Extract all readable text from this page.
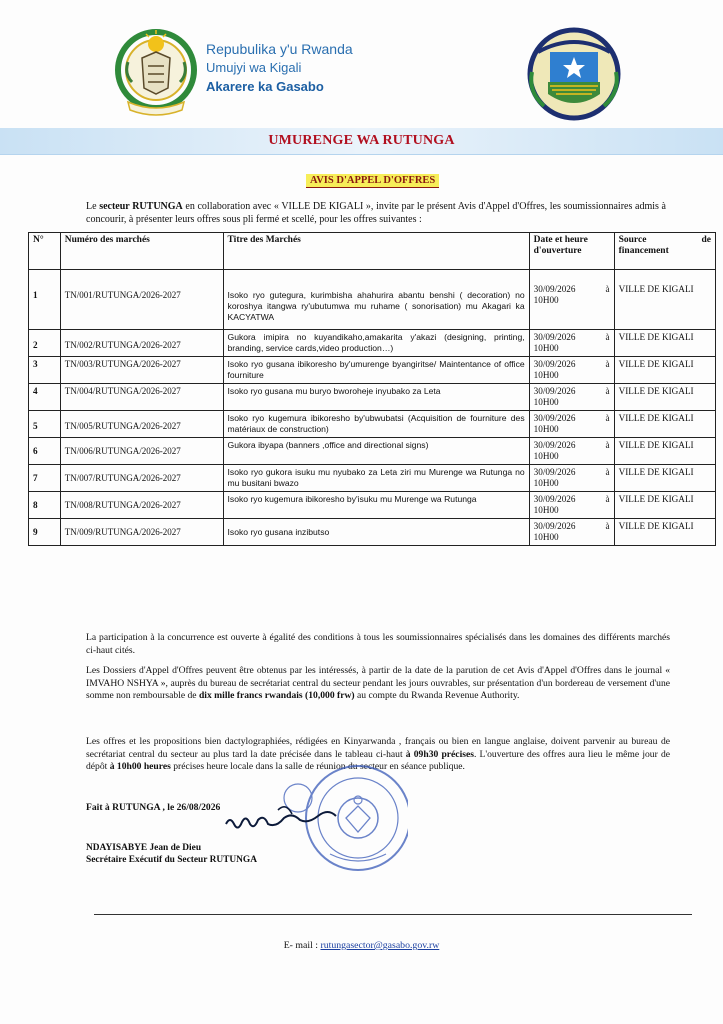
Repubulika y'u Rwanda
Umujyi wa Kigali
Akarere ka Gasabo
UMURENGE WA RUTUNGA
AVIS D'APPEL D'OFFRES
Le secteur RUTUNGA en collaboration avec « VILLE DE KIGALI », invite par le présent Avis d'Appel d'Offres, les soumissionnaires admis à concourir, à présenter leurs offres sous pli fermé et scellé, pour les offres suivantes :
N°	Numéro des marchés	Titre des Marchés	Date et heure d'ouverture	Source de
financement

1	TN/001/RUTUNGA/2026-2027	Isoko ryo gutegura, kurimbisha ahahurira abantu benshi ( decoration) no koroshya itangwa ry'ubutumwa mu ruhame ( sonorisation) mu Akagari ka KACYATWA	30/09/2026 à
10H00	VILLE DE KIGALI
2	TN/002/RUTUNGA/2026-2027	Gukora imipira no kuyandikaho,amakarita y'akazi (designing, printing, branding, service cards,video production…)	30/09/2026 à
10H00	VILLE DE KIGALI
3	TN/003/RUTUNGA/2026-2027	Isoko ryo gusana ibikoresho by'umurenge byangiritse/ Maintentance of office fourniture	30/09/2026 à
10H00	VILLE DE KIGALI
4	TN/004/RUTUNGA/2026-2027	Isoko ryo gusana mu buryo bworoheje inyubako za Leta	30/09/2026 à
10H00	VILLE DE KIGALI
5	TN/005/RUTUNGA/2026-2027	Isoko ryo kugemura ibikoresho by'ubwubatsi (Acquisition de fourniture des matériaux de construction)	30/09/2026 à
10H00	VILLE DE KIGALI
6	TN/006/RUTUNGA/2026-2027	Gukora ibyapa (banners ,office and directional signs)	30/09/2026 à
10H00	VILLE DE KIGALI
7	TN/007/RUTUNGA/2026-2027	Isoko ryo gukora isuku mu nyubako za Leta ziri mu Murenge wa Rutunga no mu busitani bwazo	30/09/2026 à
10H00	VILLE DE KIGALI
8	TN/008/RUTUNGA/2026-2027	Isoko ryo kugemura ibikoresho by'isuku mu Murenge wa Rutunga	30/09/2026 à
10H00	VILLE DE KIGALI
9	TN/009/RUTUNGA/2026-2027	Isoko ryo gusana inzibutso	30/09/2026 à
10H00	VILLE DE KIGALI
La participation à la concurrence est ouverte à égalité des conditions à tous les soumissionnaires spécialisés dans les domaines des différents marchés ci-haut cités.
Les Dossiers d'Appel d'Offres peuvent être obtenus par les intéressés, à partir de la date de la parution de cet Avis d'Appel d'Offres dans le journal « IMVAHO NSHYA », auprès du bureau de secrétariat central du secteur pendant les jours ouvrables, sur présentation d'un bordereau de versement d'une somme non remboursable de dix mille francs rwandais (10,000 frw) au compte du Rwanda Revenue Authority.
Les offres et les propositions bien dactylographiées, rédigées en Kinyarwanda , français ou bien en langue anglaise, doivent parvenir au bureau de secrétariat central du secteur au plus tard la date précisée dans le tableau ci-haut à 09h30 précises. L'ouverture des offres aura lieu le même jour de dépôt à 10h00 heures précises heure locale dans la salle de réunion du secteur en séance publique.
Fait à RUTUNGA , le 26/08/2026
NDAYISABYE Jean de Dieu
Secrétaire Exécutif du Secteur RUTUNGA
E- mail : rutungasector@gasabo.gov.rw
